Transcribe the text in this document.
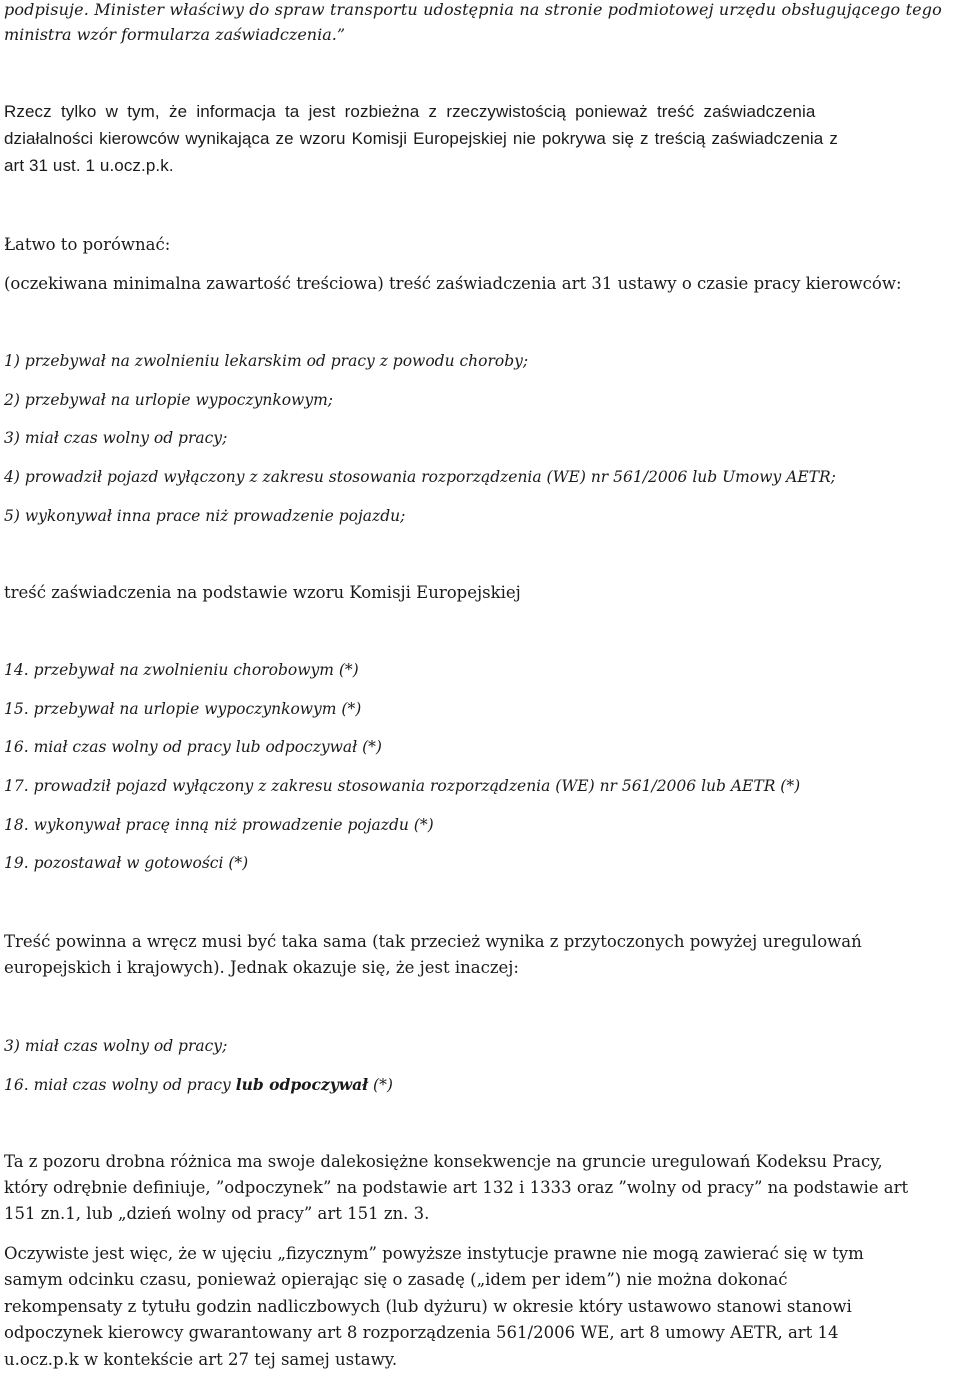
podpisuje. Minister właściwy do spraw transportu udostępnia na stronie podmiotowej urzędu obsługującego tego
ministra wzór formularza zaświadczenia.”
Rzecz tylko w tym, że informacja ta jest rozbieżna z rzeczywistością ponieważ treść zaświadczenia
działalności kierowców wynikająca ze wzoru Komisji Europejskiej nie pokrywa się z treścią zaświadczenia z
art 31 ust. 1 u.ocz.p.k.
Łatwo to porównać:
(oczekiwana minimalna zawartość treściowa) treść zaświadczenia art 31 ustawy o czasie pracy kierowców:
1) przebywał na zwolnieniu lekarskim od pracy z powodu choroby;
2) przebywał na urlopie wypoczynkowym;
3) miał czas wolny od pracy;
4) prowadził pojazd wyłączony z zakresu stosowania rozporządzenia (WE) nr 561/2006 lub Umowy AETR;
5) wykonywał inna prace niż prowadzenie pojazdu;
treść zaświadczenia na podstawie wzoru Komisji Europejskiej
14. przebywał na zwolnieniu chorobowym (*)
15. przebywał na urlopie wypoczynkowym (*)
16. miał czas wolny od pracy lub odpoczywał (*)
17. prowadził pojazd wyłączony z zakresu stosowania rozporządzenia (WE) nr 561/2006 lub AETR (*)
18. wykonywał pracę inną niż prowadzenie pojazdu (*)
19. pozostawał w gotowości (*)
Treść powinna a wręcz musi być taka sama (tak przecież wynika z przytoczonych powyżej uregulowań
europejskich i krajowych). Jednak okazuje się, że jest inaczej:
3) miał czas wolny od pracy;
16. miał czas wolny od pracy lub odpoczywał (*)
Ta z pozoru drobna różnica ma swoje dalekosiężne konsekwencje na gruncie uregulowań Kodeksu Pracy,
który odrębnie definiuje, ”odpoczynek” na podstawie art 132 i 1333 oraz ”wolny od pracy” na podstawie art
151 zn.1, lub „dzień wolny od pracy” art 151 zn. 3.
Oczywiste jest więc, że w ujęciu „fizycznym” powyższe instytucje prawne nie mogą zawierać się w tym
samym odcinku czasu, ponieważ opierając się o zasadę („idem per idem”) nie można dokonać
rekompensaty z tytułu godzin nadliczbowych (lub dyżuru) w okresie który ustawowo stanowi stanowi
odpoczynek kierowcy gwarantowany art 8 rozporządzenia 561/2006 WE, art 8 umowy AETR, art 14
u.ocz.p.k w kontekście art 27 tej samej ustawy.
